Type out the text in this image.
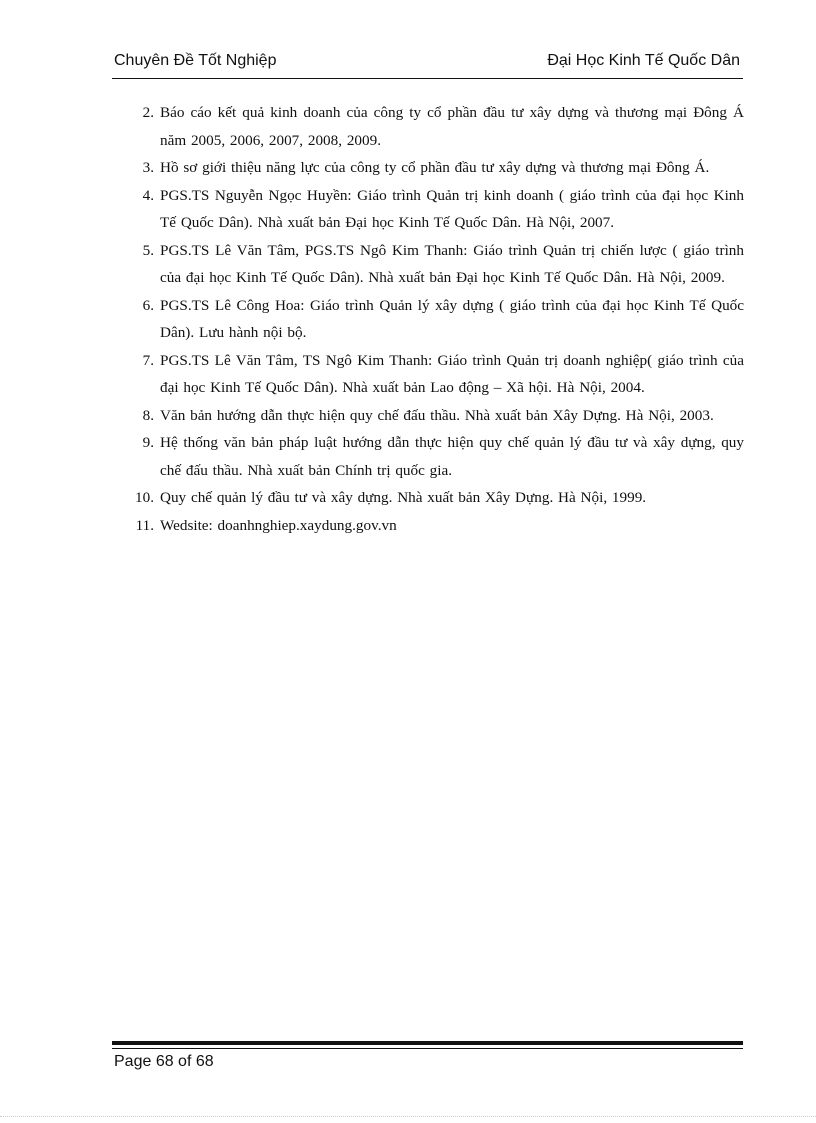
Chuyên Đề Tốt Nghiệp	Đại Học Kinh Tế Quốc Dân
2. Báo cáo kết quả kinh doanh của công ty cổ phần đầu tư xây dựng và thương mại Đông Á năm 2005, 2006, 2007, 2008, 2009.
3. Hồ sơ giới thiệu năng lực của công ty cổ phần đầu tư xây dựng và thương mại Đông Á.
4. PGS.TS Nguyễn Ngọc Huyền: Giáo trình Quản trị kinh doanh ( giáo trình của đại học Kinh Tế Quốc Dân). Nhà xuất bản Đại học Kinh Tế Quốc Dân. Hà Nội, 2007.
5. PGS.TS Lê Văn Tâm, PGS.TS Ngô Kim Thanh: Giáo trình Quản trị chiến lược ( giáo trình của đại học Kinh Tế Quốc Dân). Nhà xuất bản Đại học Kinh Tế Quốc Dân. Hà Nội, 2009.
6. PGS.TS Lê Công Hoa: Giáo trình Quản lý xây dựng ( giáo trình của đại học Kinh Tế Quốc Dân). Lưu hành nội bộ.
7. PGS.TS Lê Văn Tâm, TS Ngô Kim Thanh: Giáo trình Quản trị doanh nghiệp( giáo trình của đại học Kinh Tế Quốc Dân). Nhà xuất bản Lao động – Xã hội. Hà Nội, 2004.
8. Văn bản hướng dẫn thực hiện quy chế đấu thầu. Nhà xuất bản Xây Dựng. Hà Nội, 2003.
9. Hệ thống văn bản pháp luật hướng dẫn thực hiện quy chế quản lý đầu tư và xây dựng, quy chế đấu thầu. Nhà xuất bản Chính trị quốc gia.
10. Quy chế quản lý đầu tư và xây dựng. Nhà xuất bản Xây Dựng. Hà Nội, 1999.
11. Wedsite: doanhnghiep.xaydung.gov.vn
Page 68 of 68
